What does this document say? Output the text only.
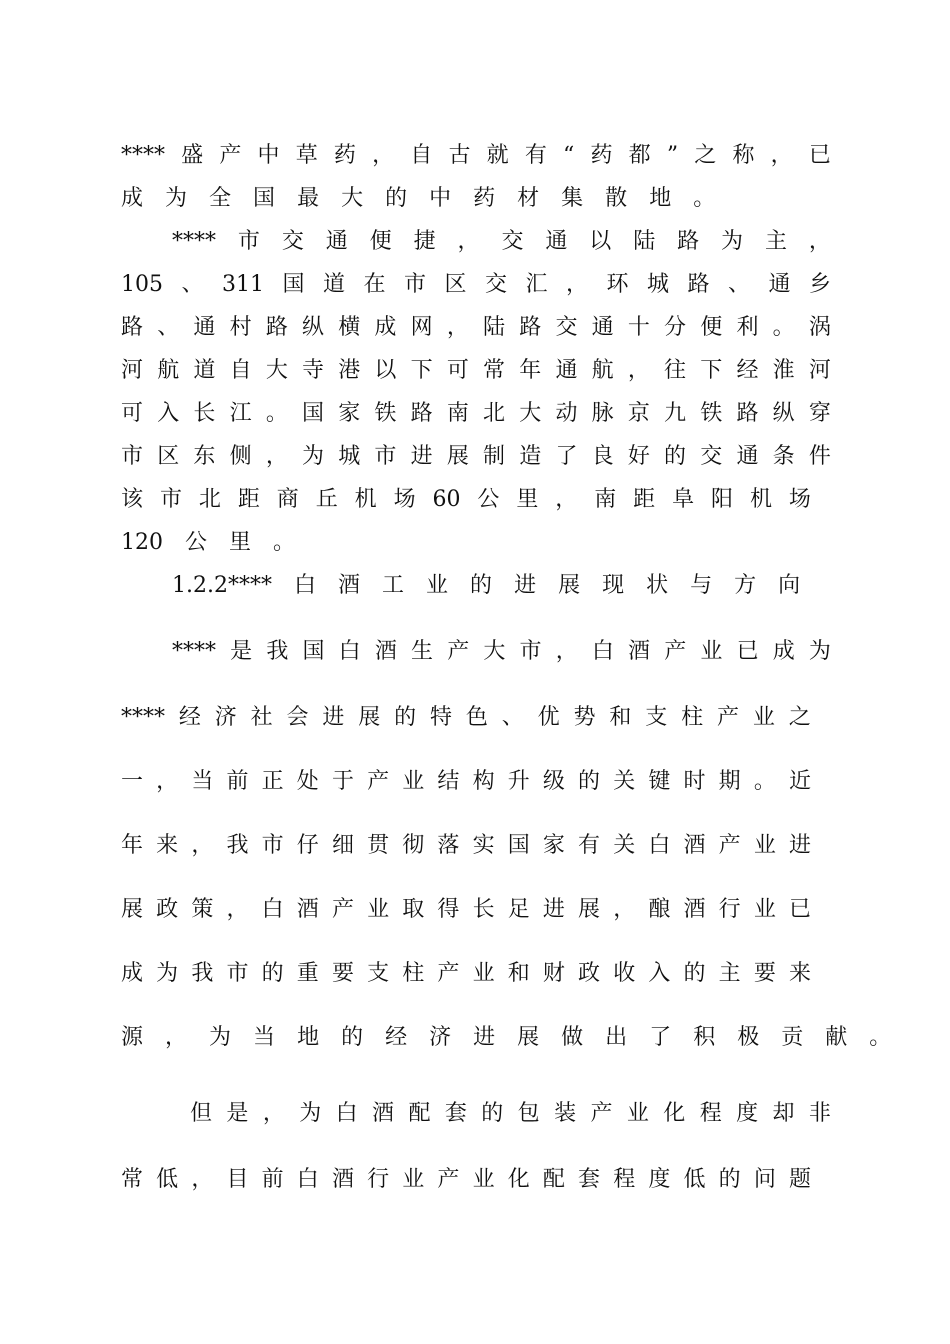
**** 盛 产 中 草 药 ， 自 古 就 有 “ 药 都 ” 之 称 ， 已
成 为 全 国 最 大 的 中 药 材 集 散 地 。
**** 市 交 通 便 捷 ， 交 通 以 陆 路 为 主 ，
105 、 311 国 道 在 市 区 交 汇 ， 环 城 路 、 通 乡
路 、 通 村 路 纵 横 成 网 ， 陆 路 交 通 十 分 便 利 。 涡
河 航 道 自 大 寺 港 以 下 可 常 年 通 航 ， 往 下 经 淮 河
可 入 长 江 。 国 家 铁 路 南 北 大 动 脉 京 九 铁 路 纵 穿
市 区 东 侧 ， 为 城 市 进 展 制 造 了 良 好 的 交 通 条 件
该 市 北 距 商 丘 机 场 60 公 里 ， 南 距 阜 阳 机 场
120 公 里 。
1.2.2**** 白 酒 工 业 的 进 展 现 状 与 方 向
**** 是 我 国 白 酒 生 产 大 市 ， 白 酒 产 业 已 成 为
**** 经 济 社 会 进 展 的 特 色 、 优 势 和 支 柱 产 业 之
一 ， 当 前 正 处 于 产 业 结 构 升 级 的 关 键 时 期 。 近
年 来 ， 我 市 仔 细 贯 彻 落 实 国 家 有 关 白 酒 产 业 进
展 政 策 ， 白 酒 产 业 取 得 长 足 进 展 ， 酿 酒 行 业 已
成 为 我 市 的 重 要 支 柱 产 业 和 财 政 收 入 的 主 要 来
源 ， 为 当 地 的 经 济 进 展 做 出 了 积 极 贡 献 。
但 是 ， 为 白 酒 配 套 的 包 装 产 业 化 程 度 却 非
常 低 ， 目 前 白 酒 行 业 产 业 化 配 套 程 度 低 的 问 题
